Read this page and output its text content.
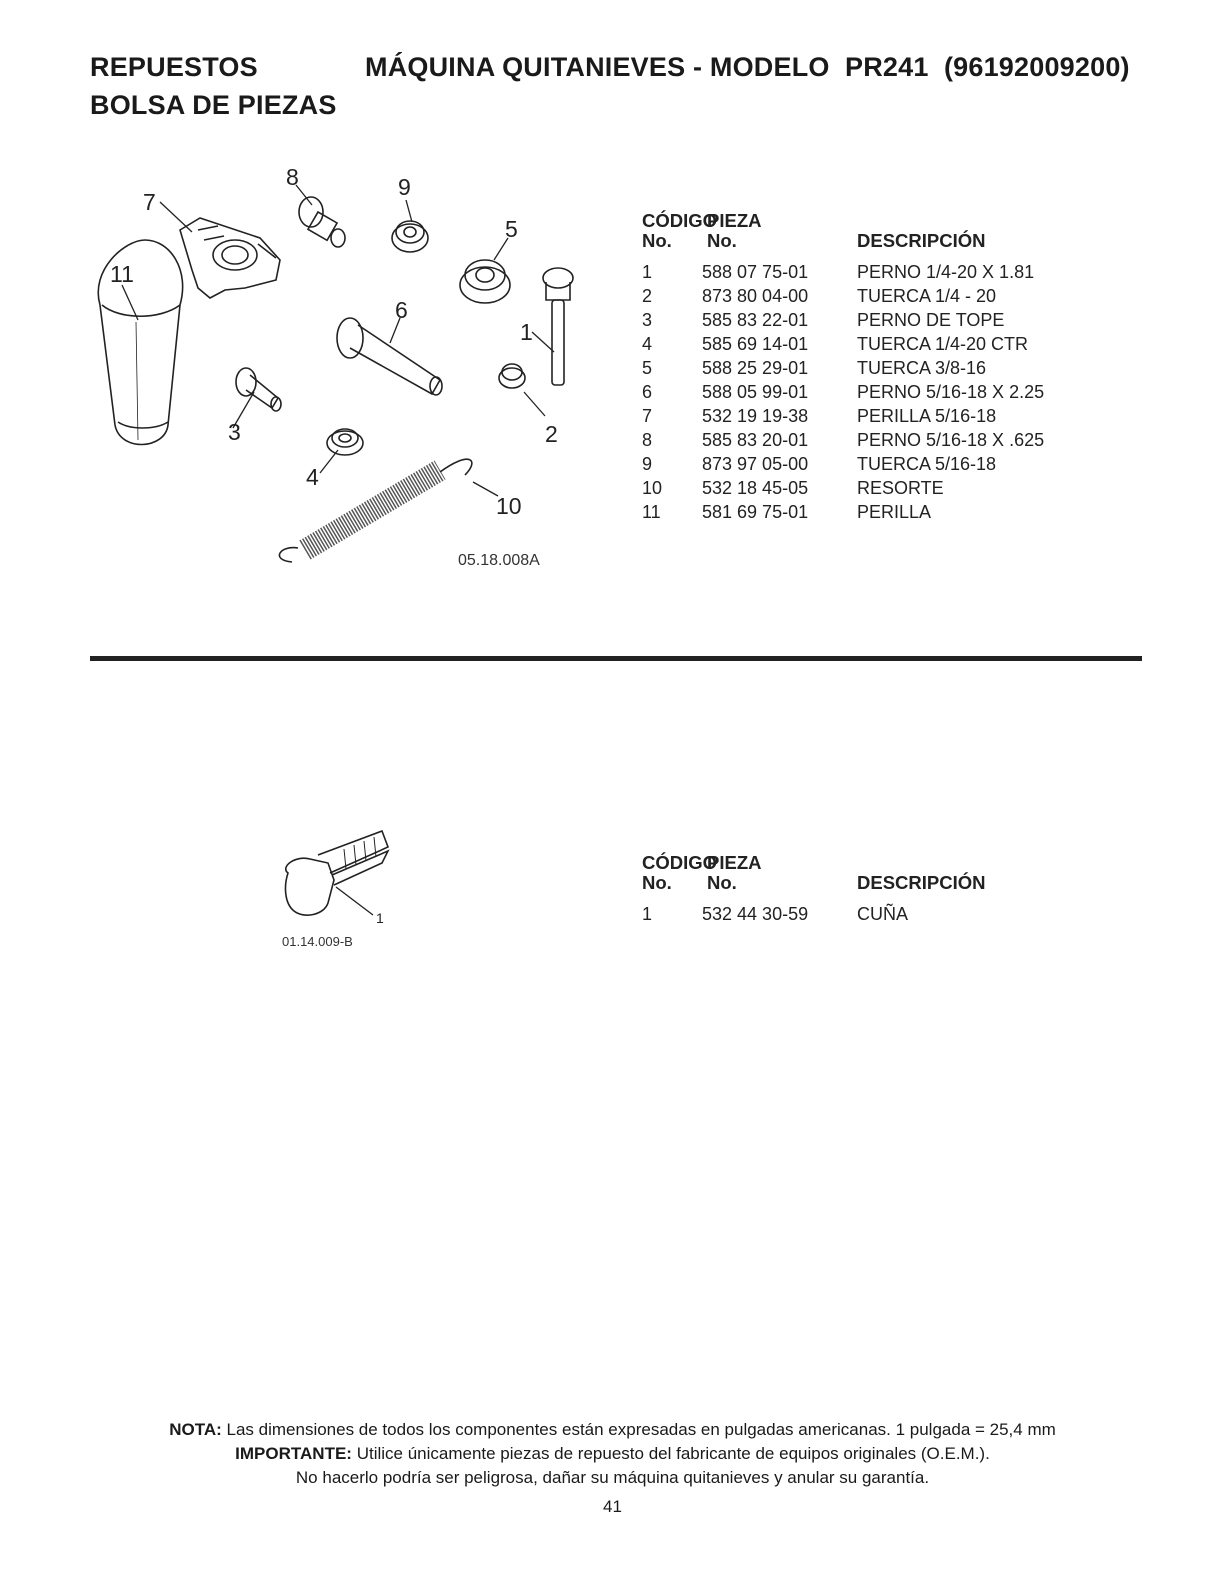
REPUESTOS	MÁQUINA QUITANIEVES - MODELO  PR241  (96192009200)
BOLSA DE PIEZAS
8	9
7
5
11
6
1
3	2
4
10
05.18.008A
CÓDIGO
PIEZA
No. No.	DESCRIPCIÓN
1	588 07 75-01	PERNO 1/4-20 X 1.81
2	873 80 04-00	TUERCA 1/4 - 20
3	585 83 22-01	PERNO DE TOPE
4	585 69 14-01	TUERCA 1/4-20 CTR
5	588 25 29-01	TUERCA 3/8-16
6	588 05 99-01	PERNO 5/16-18 X 2.25
7	532 19 19-38	PERILLA 5/16-18
8	585 83 20-01	PERNO 5/16-18 X .625
9	873 97 05-00	TUERCA 5/16-18
10 532 18 45-05	RESORTE
11 581 69 75-01	PERILLA
1
01.14.009-B
CÓDIGO
PIEZA
No. No.	DESCRIPCIÓN
1	532 44 30-59	CUÑA
NOTA: Las dimensiones de todos los componentes están expresadas en pulgadas americanas. 1 pulgada = 25,4 mm
IMPORTANTE: Utilice únicamente piezas de repuesto del fabricante de equipos originales (O.E.M.).
No hacerlo podría ser peligrosa, dañar su máquina quitanieves y anular su garantía.
41
